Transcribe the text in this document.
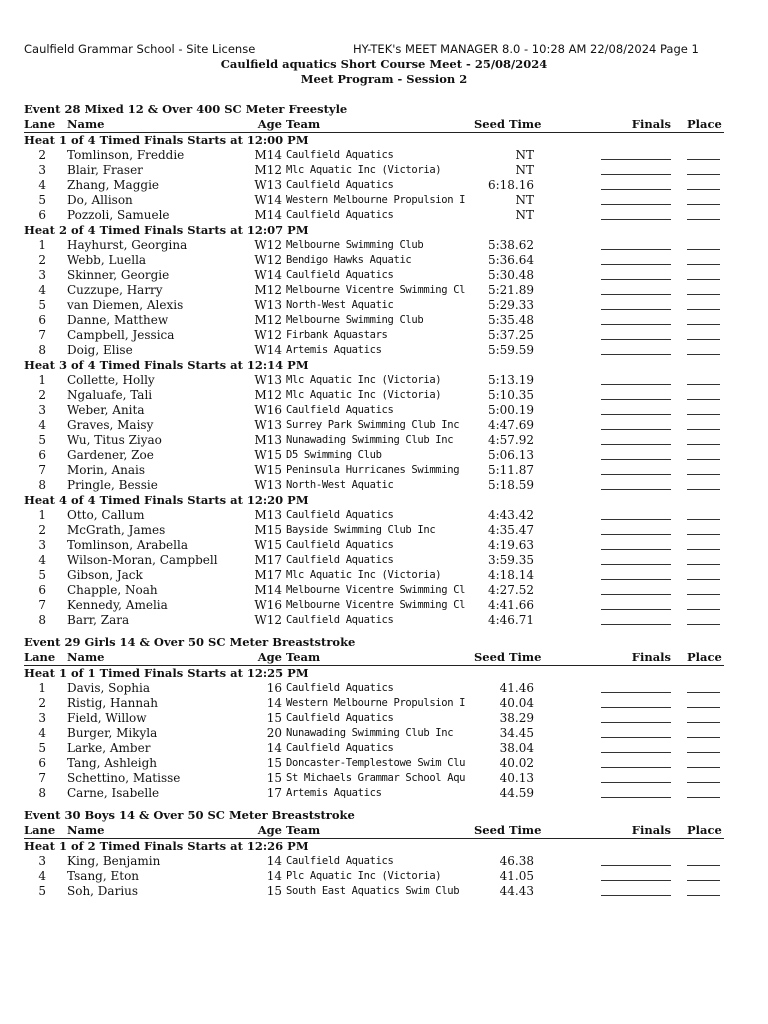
Caulfield Grammar School - Site License	HY-TEK's MEET MANAGER 8.0 - 10:28 AM 22/08/2024 Page 1
Caulfield aquatics Short Course Meet - 25/08/2024
Meet Program - Session 2
Event 28 Mixed 12 & Over 400 SC Meter Freestyle
Lane Name	Age Team	Seed Time	Finals Place
Heat 1 of 4 Timed Finals Starts at 12:00 PM
2 Tomlinson, Freddie	M14 Caulfield Aquatics	NT
3 Blair, Fraser	M12 Mlc Aquatic Inc (Victoria)	NT
4 Zhang, Maggie	W13 Caulfield Aquatics	6:18.16
5 Do, Allison	W14 Western Melbourne Propulsion I	NT
6 Pozzoli, Samuele	M14 Caulfield Aquatics	NT
Heat 2 of 4 Timed Finals Starts at 12:07 PM
1 Hayhurst, Georgina	W12 Melbourne Swimming Club	5:38.62
2 Webb, Luella	W12 Bendigo Hawks Aquatic	5:36.64
3 Skinner, Georgie	W14 Caulfield Aquatics	5:30.48
4 Cuzzupe, Harry	M12 Melbourne Vicentre Swimming Cl	5:21.89
5 van Diemen, Alexis	W13 North-West Aquatic	5:29.33
6 Danne, Matthew	M12 Melbourne Swimming Club	5:35.48
7 Campbell, Jessica	W12 Firbank Aquastars	5:37.25
8 Doig, Elise	W14 Artemis Aquatics	5:59.59
Heat 3 of 4 Timed Finals Starts at 12:14 PM
1 Collette, Holly	W13 Mlc Aquatic Inc (Victoria)	5:13.19
2 Ngaluafe, Tali	M12 Mlc Aquatic Inc (Victoria)	5:10.35
3 Weber, Anita	W16 Caulfield Aquatics	5:00.19
4 Graves, Maisy	W13 Surrey Park Swimming Club Inc	4:47.69
5 Wu, Titus Ziyao	M13 Nunawading Swimming Club Inc	4:57.92
6 Gardener, Zoe	W15 D5 Swimming Club	5:06.13
7 Morin, Anais	W15 Peninsula Hurricanes Swimming	5:11.87
8 Pringle, Bessie	W13 North-West Aquatic	5:18.59
Heat 4 of 4 Timed Finals Starts at 12:20 PM
1 Otto, Callum	M13 Caulfield Aquatics	4:43.42
2 McGrath, James	M15 Bayside Swimming Club Inc	4:35.47
3 Tomlinson, Arabella	W15 Caulfield Aquatics	4:19.63
4 Wilson-Moran, Campbell	M17 Caulfield Aquatics	3:59.35
5 Gibson, Jack	M17 Mlc Aquatic Inc (Victoria)	4:18.14
6 Chapple, Noah	M14 Melbourne Vicentre Swimming Cl	4:27.52
7 Kennedy, Amelia	W16 Melbourne Vicentre Swimming Cl	4:41.66
8 Barr, Zara	W12 Caulfield Aquatics	4:46.71
Event 29 Girls 14 & Over 50 SC Meter Breaststroke
Lane Name	Age Team	Seed Time	Finals Place
Heat 1 of 1 Timed Finals Starts at 12:25 PM
1 Davis, Sophia	16 Caulfield Aquatics	41.46
2 Ristig, Hannah	14 Western Melbourne Propulsion I	40.04
3 Field, Willow	15 Caulfield Aquatics	38.29
4 Burger, Mikyla	20 Nunawading Swimming Club Inc	34.45
5 Larke, Amber	14 Caulfield Aquatics	38.04
6 Tang, Ashleigh	15 Doncaster-Templestowe Swim Clu	40.02
7 Schettino, Matisse	15 St Michaels Grammar School Aqu	40.13
8 Carne, Isabelle	17 Artemis Aquatics	44.59
Event 30 Boys 14 & Over 50 SC Meter Breaststroke
Lane Name	Age Team	Seed Time	Finals Place
Heat 1 of 2 Timed Finals Starts at 12:26 PM
3 King, Benjamin	14 Caulfield Aquatics	46.38
4 Tsang, Eton	14 Plc Aquatic Inc (Victoria)	41.05
5 Soh, Darius	15 South East Aquatics Swim Club	44.43
